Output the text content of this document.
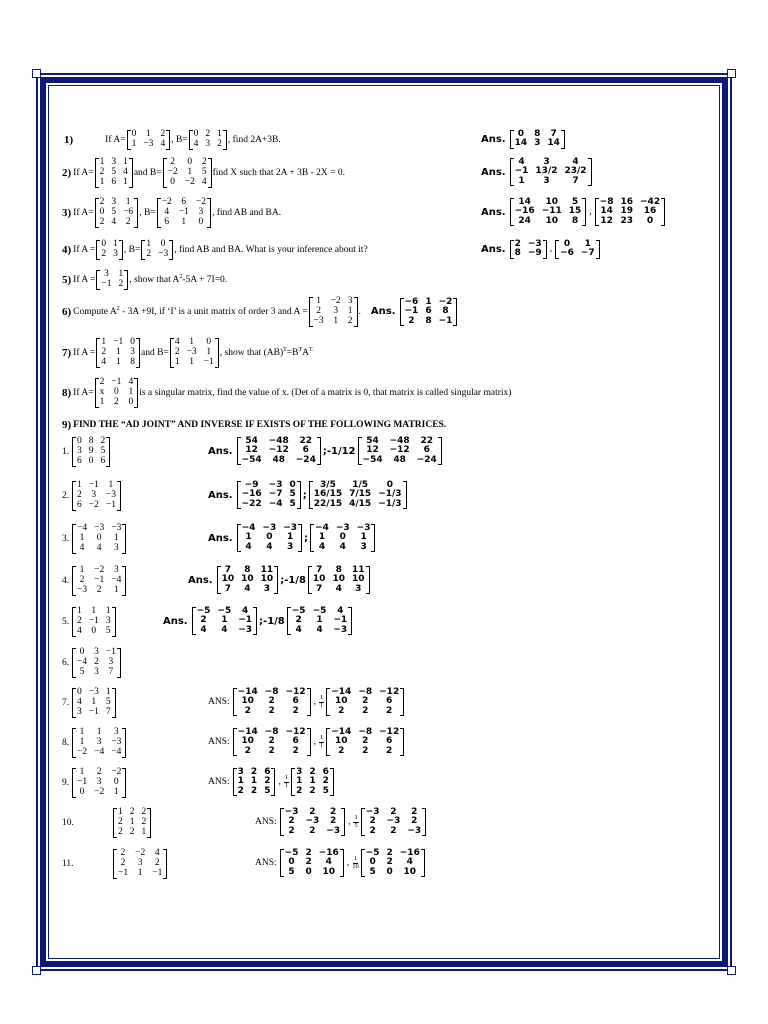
1)	If A=
0 1 2
1 −3 4 , B=
0 2 1
4 3 2 , find 2A+3B.	Ans.	0	8	7
14 3 14
2) If A=
1 3 1
2 5 4
1 6 1
and B=
2 0 2
−2 1 5
0 −2 4
find X such that 2A + 3B - 2X = 0.	Ans.
4	3	4
−1 13/2 23/2
1	3	7
3) If A=
2 3 1
0 5 −6
2 4 2
, B=
−2 6 −2
4 −1 3
6 1 0
, find AB and BA.	Ans.
14	10	5
−16 −11 15
24	10	8
,
−8 16 −42
14 19	16
12 23	0
4) If A =
0 1
2 3 , B=
1 0
2 −3 , find AB and BA. What is your inference about it?	Ans. 2 −3
8 −9 ,
0	1
−6 −7
5) If A =
3 1
−1 2 , show that $A^2-5A + 7I=0$.
6) Compute $A^2 - 3A +9I$, if ‘I’ is a unit matrix of order 3 and A =
1 −2 3
2 3 1
−3 1 2
. Ans.
−6 1 −2
−1 6	8
2	8 −1
7) If A =
1 −1 0
2 1 3
4 1 8
and B=
4 1 0
2 −3 1
1 1 −1
, show that $(AB)^T=B^TA^{T.}$
8) If A=
2 −1 4
x 0 1
1 2 0
is a singular matrix, find the value of x. (Det of a matrix is 0, that matrix is called singular matrix)
9) FIND THE “AD JOINT” AND INVERSE IF EXISTS OF THE FOLLOWING MATRICES.
1.
0 8 2
3 9 5
6 0 6
Ans.
54	−48	22
12	−12	6
−54	48	−24
;-1/12
54	−48	22
12	−12	6
−54	48	−24
2.
1 −1 1
2 3 −3
6 −2 −1
Ans.
−9	−3 0
−16 −7 5
−22 −4 5
;
3/5	1/5	0
16/15 7/15 −1/3
22/15 4/15 −1/3
3.
−4 −3 −3
1 0 1
4 4 3
Ans.
−4 −3 −3
1	0	1
4	4	3
;
−4 −3 −3
1	0	1
4	4	3
4.
1 −2 3
2 −1 −4
−3 2 1
Ans.
7	8	11
10 10 10
7	4	3
;-1/8
7	8	11
10 10 10
7	4	3
5.
1 1 1
2 −1 3
4 0 5
Ans.
−5 −5	4
2	1	−1
4	4	−3
;-1/8
−5 −5	4
2	1	−1
4	4	−3
6.
0 3 −1
−4 2 3
5 3 7
7.
0 −3 1
4 1 5
3 −1 7
ANS:
−14 −8 −12
10	2	6
2	2	2
, $\frac{1}{1}$
−14 −8 −12
10	2	6
2	2	2
8.
1 1 3
1 3 −3
−2 −4 −4
ANS:
−14 −8 −12
10	2	6
2	2	2
, $\frac{1}{1}$
−14 −8 −12
10	2	6
2	2	2
9.
1 2 −2
−1 3 0
0 −2 1
ANS:
3 2 6
1 1 2
2 2 5
, $\frac{1}{1}$
3 2 6
1 1 2
2 2 5
10.
1 2 2
2 1 2
2 2 1
ANS:
−3	2	2
2	−3	2
2	2	−3
, $\frac{1}{5}$
−3	2	2
2	−3	2
2	2	−3
11.
2 −2 4
2 3 2
−1 1 −1
ANS:
−5 2 −16
0	2	4
5	0	10
, $\frac{1}{10}$
−5 2 −16
0	2	4
5	0	10
